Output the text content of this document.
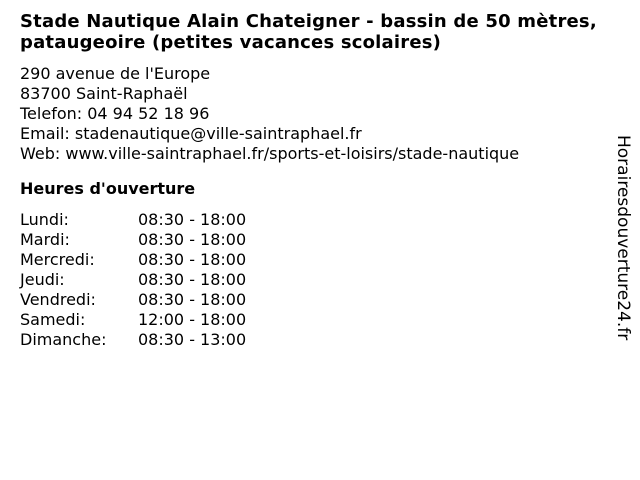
Stade Nautique Alain Chateigner - bassin de 50 mètres, pataugeoire (petites vacances scolaires)
290 avenue de l'Europe
83700 Saint-Raphaël
Telefon: 04 94 52 18 96
Email: stadenautique@ville-saintraphael.fr
Web: www.ville-saintraphael.fr/sports-et-loisirs/stade-nautique
Heures d'ouverture
Lundi:	08:30 - 18:00
Mardi:	08:30 - 18:00
Mercredi:	08:30 - 18:00
Jeudi:	08:30 - 18:00
Vendredi:	08:30 - 18:00
Samedi:	12:00 - 18:00
Dimanche:	08:30 - 13:00	Horairesdouverture24.fr
